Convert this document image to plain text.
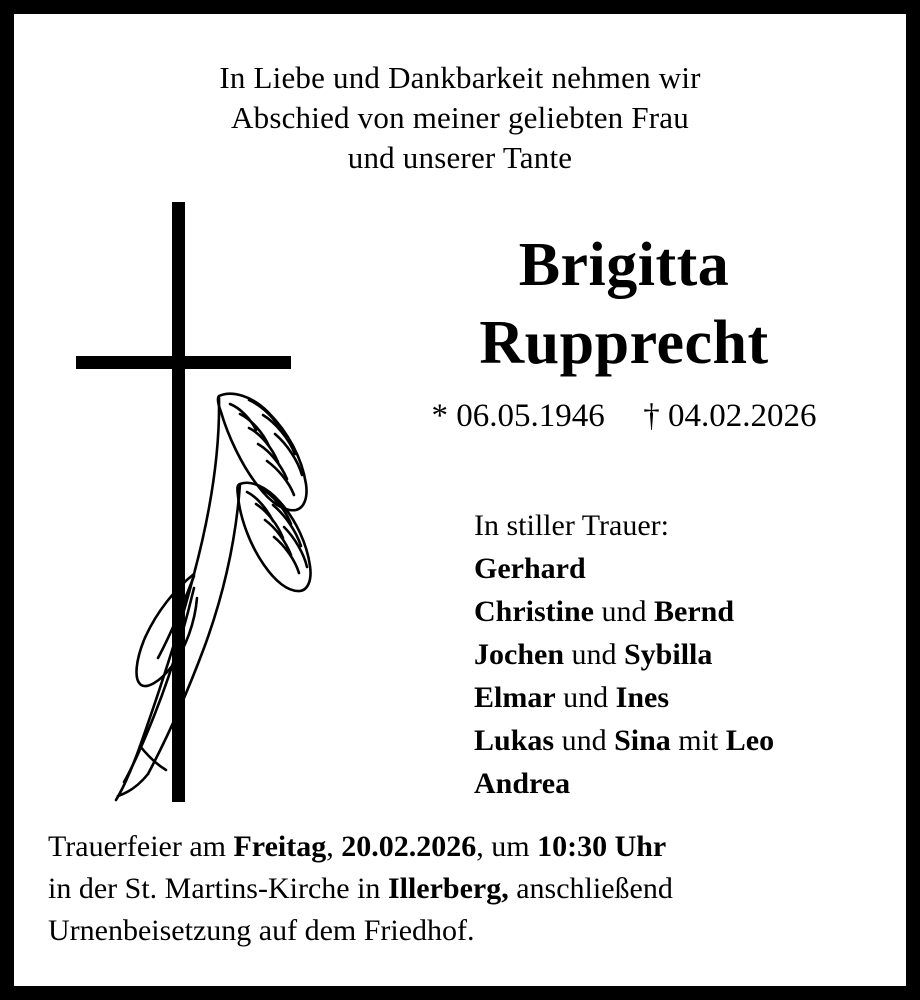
In Liebe und Dankbarkeit nehmen wir
Abschied von meiner geliebten Frau
und unserer Tante
Brigitta
Rupprecht
* 06.05.1946 † 04.02.2026
In stiller Trauer:
Gerhard
Christine und Bernd
Jochen und Sybilla
Elmar und Ines
Lukas und Sina mit Leo
Andrea
Trauerfeier am Freitag, 20.02.2026, um 10:30 Uhr
in der St. Martins-Kirche in Illerberg, anschließend
Urnenbeisetzung auf dem Friedhof.
